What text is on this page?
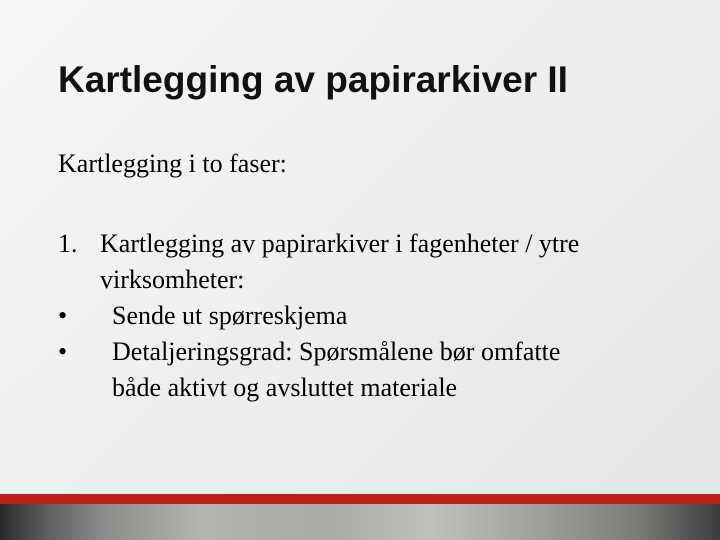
Kartlegging av papirarkiver II
Kartlegging i to faser:
1. Kartlegging av papirarkiver i fagenheter / ytre
virksomheter:
•	Sende ut spørreskjema
•	Detaljeringsgrad: Spørsmålene bør omfatte
både aktivt og avsluttet materiale
